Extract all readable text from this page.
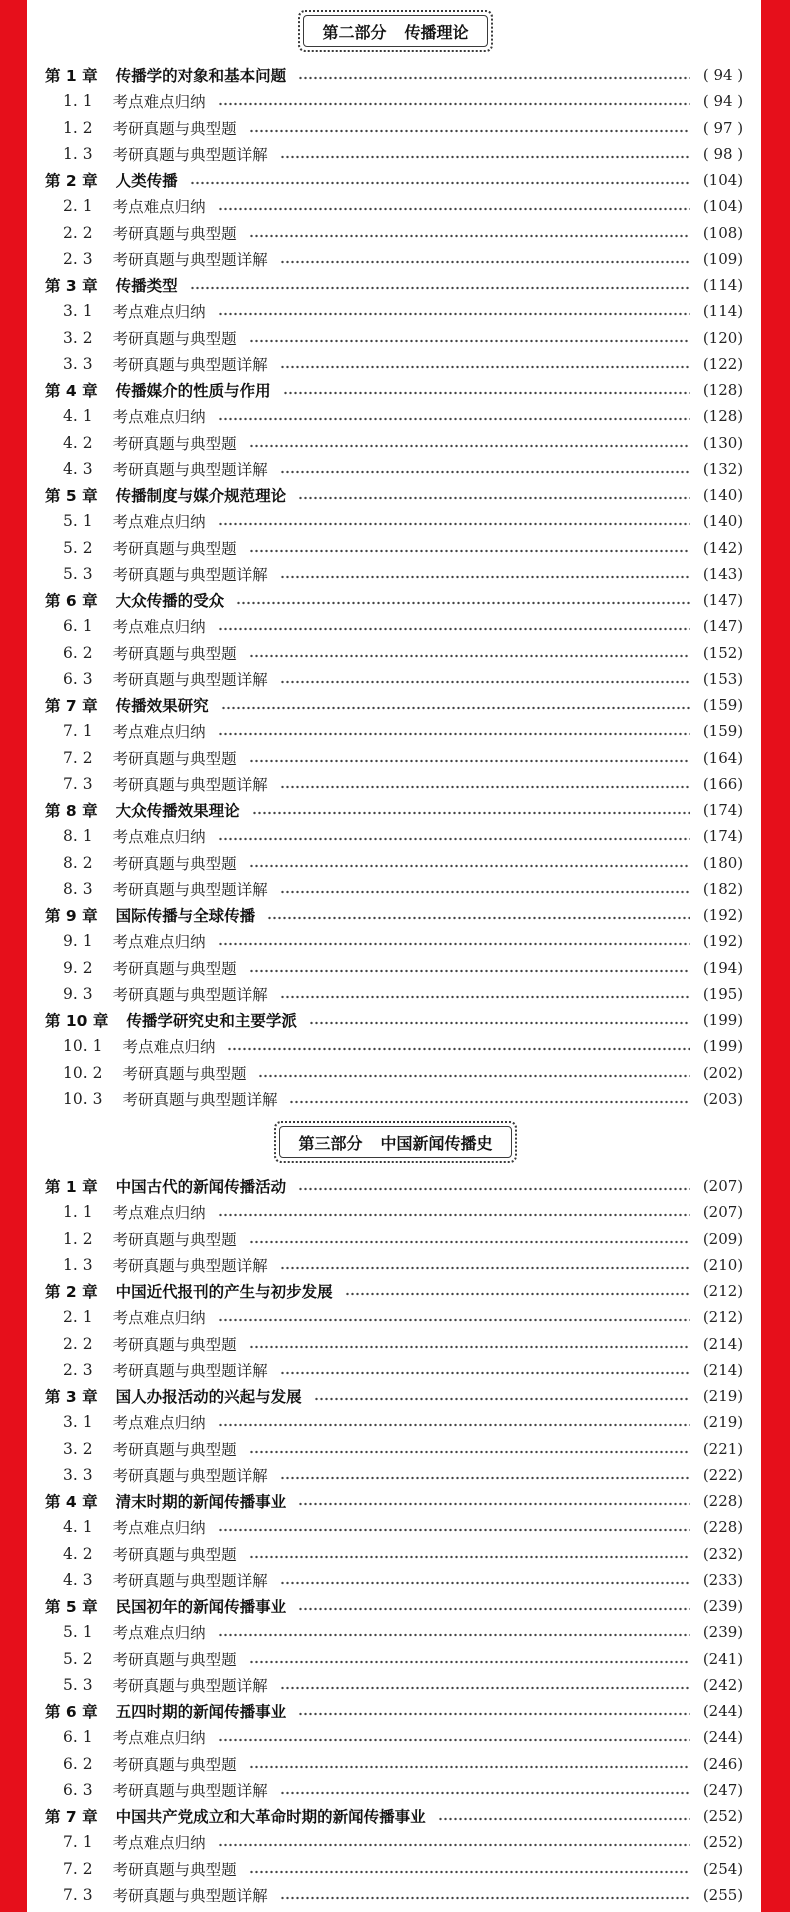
第二部分 传播理论
第 1 章 传播学的对象和基本问题	( 94 )
1. 1 考点难点归纳	( 94 )
1. 2 考研真题与典型题	( 97 )
1. 3 考研真题与典型题详解	( 98 )
第 2 章 人类传播	(104)
2. 1 考点难点归纳	(104)
2. 2 考研真题与典型题	(108)
2. 3 考研真题与典型题详解	(109)
第 3 章 传播类型	(114)
3. 1 考点难点归纳	(114)
3. 2 考研真题与典型题	(120)
3. 3 考研真题与典型题详解	(122)
第 4 章 传播媒介的性质与作用	(128)
4. 1 考点难点归纳	(128)
4. 2 考研真题与典型题	(130)
4. 3 考研真题与典型题详解	(132)
第 5 章 传播制度与媒介规范理论	(140)
5. 1 考点难点归纳	(140)
5. 2 考研真题与典型题	(142)
5. 3 考研真题与典型题详解	(143)
第 6 章 大众传播的受众	(147)
6. 1 考点难点归纳	(147)
6. 2 考研真题与典型题	(152)
6. 3 考研真题与典型题详解	(153)
第 7 章 传播效果研究	(159)
7. 1 考点难点归纳	(159)
7. 2 考研真题与典型题	(164)
7. 3 考研真题与典型题详解	(166)
第 8 章 大众传播效果理论	(174)
8. 1 考点难点归纳	(174)
8. 2 考研真题与典型题	(180)
8. 3 考研真题与典型题详解	(182)
第 9 章 国际传播与全球传播	(192)
9. 1 考点难点归纳	(192)
9. 2 考研真题与典型题	(194)
9. 3 考研真题与典型题详解	(195)
第 10 章 传播学研究史和主要学派	(199)
10. 1 考点难点归纳	(199)
10. 2 考研真题与典型题	(202)
10. 3 考研真题与典型题详解	(203)
第三部分 中国新闻传播史
第 1 章 中国古代的新闻传播活动	(207)
1. 1 考点难点归纳	(207)
1. 2 考研真题与典型题	(209)
1. 3 考研真题与典型题详解	(210)
第 2 章 中国近代报刊的产生与初步发展	(212)
2. 1 考点难点归纳	(212)
2. 2 考研真题与典型题	(214)
2. 3 考研真题与典型题详解	(214)
第 3 章 国人办报活动的兴起与发展	(219)
3. 1 考点难点归纳	(219)
3. 2 考研真题与典型题	(221)
3. 3 考研真题与典型题详解	(222)
第 4 章 清末时期的新闻传播事业	(228)
4. 1 考点难点归纳	(228)
4. 2 考研真题与典型题	(232)
4. 3 考研真题与典型题详解	(233)
第 5 章 民国初年的新闻传播事业	(239)
5. 1 考点难点归纳	(239)
5. 2 考研真题与典型题	(241)
5. 3 考研真题与典型题详解	(242)
第 6 章 五四时期的新闻传播事业	(244)
6. 1 考点难点归纳	(244)
6. 2 考研真题与典型题	(246)
6. 3 考研真题与典型题详解	(247)
第 7 章 中国共产党成立和大革命时期的新闻传播事业	(252)
7. 1 考点难点归纳	(252)
7. 2 考研真题与典型题	(254)
7. 3 考研真题与典型题详解	(255)
